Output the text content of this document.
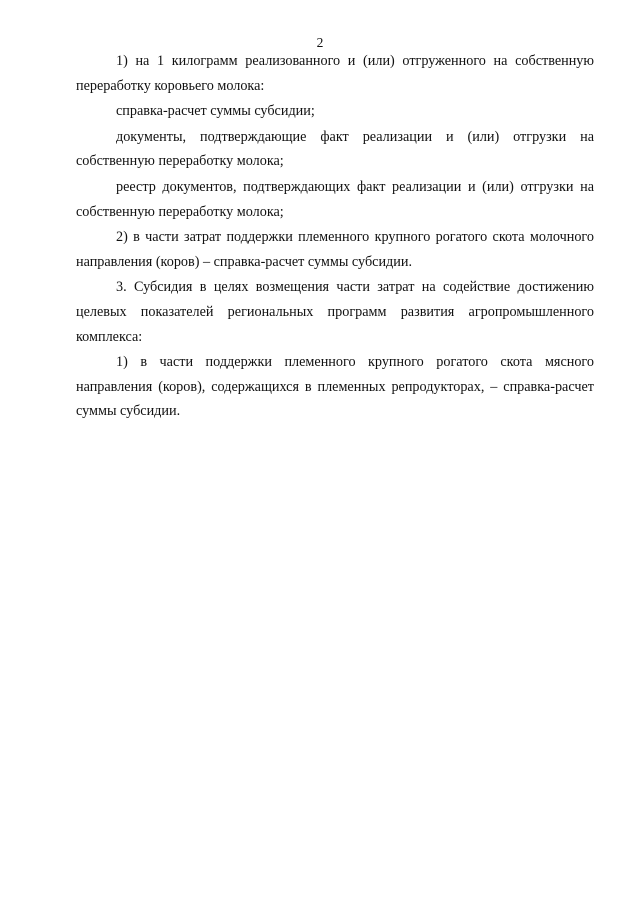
2

1) на 1 килограмм реализованного и (или) отгруженного на собственную переработку коровьего молока:

справка-расчет суммы субсидии;

документы, подтверждающие факт реализации и (или) отгрузки на собственную переработку молока;

реестр документов, подтверждающих факт реализации и (или) отгрузки на собственную переработку молока;

2) в части затрат поддержки племенного крупного рогатого скота молочного направления (коров) – справка-расчет суммы субсидии.

3. Субсидия в целях возмещения части затрат на содействие достижению целевых показателей региональных программ развития агропромышленного комплекса:

1) в части поддержки племенного крупного рогатого скота мясного направления (коров), содержащихся в племенных репродукторах, – справка-расчет суммы субсидии.
